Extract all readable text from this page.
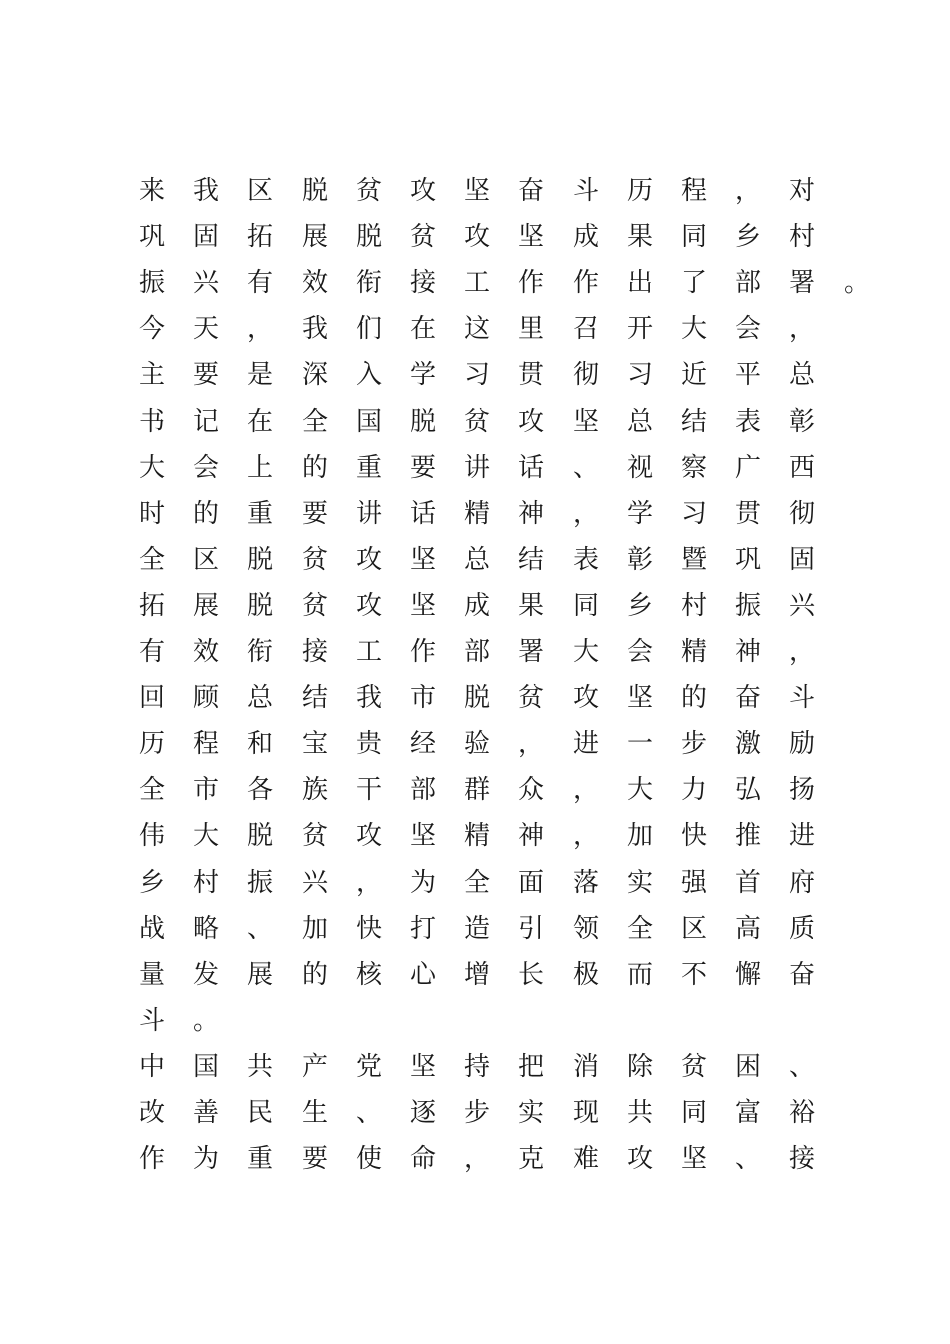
来 我 区 脱 贫 攻 坚 奋 斗 历 程 ， 对
巩 固 拓 展 脱 贫 攻 坚 成 果 同 乡 村
振 兴 有 效 衔 接 工 作 作 出 了 部 署 。
今 天 ， 我 们 在 这 里 召 开 大 会 ，
主 要 是 深 入 学 习 贯 彻 习 近 平 总
书 记 在 全 国 脱 贫 攻 坚 总 结 表 彰
大 会 上 的 重 要 讲 话 、 视 察 广 西
时 的 重 要 讲 话 精 神 ， 学 习 贯 彻
全 区 脱 贫 攻 坚 总 结 表 彰 暨 巩 固
拓 展 脱 贫 攻 坚 成 果 同 乡 村 振 兴
有 效 衔 接 工 作 部 署 大 会 精 神 ，
回 顾 总 结 我 市 脱 贫 攻 坚 的 奋 斗
历 程 和 宝 贵 经 验 ， 进 一 步 激 励
全 市 各 族 干 部 群 众 ， 大 力 弘 扬
伟 大 脱 贫 攻 坚 精 神 ， 加 快 推 进
乡 村 振 兴 ， 为 全 面 落 实 强 首 府
战 略 、 加 快 打 造 引 领 全 区 高 质
量 发 展 的 核 心 增 长 极 而 不 懈 奋
斗 。
中 国 共 产 党 坚 持 把 消 除 贫 困 、
改 善 民 生 、 逐 步 实 现 共 同 富 裕
作 为 重 要 使 命 ， 克 难 攻 坚 、 接
